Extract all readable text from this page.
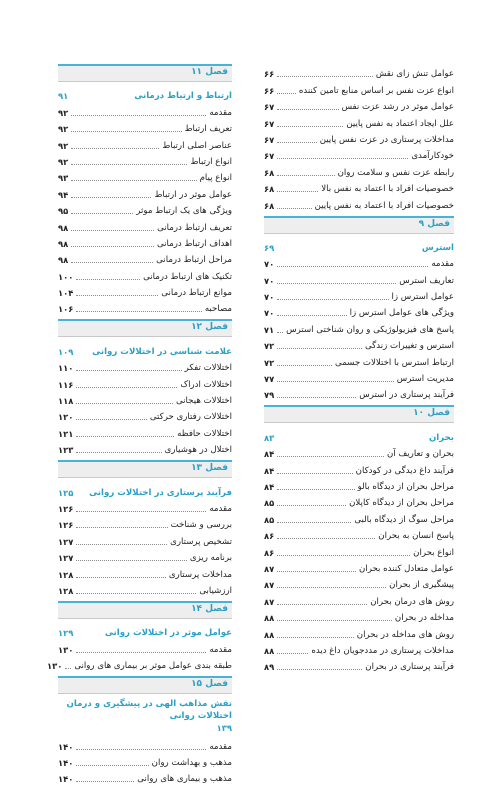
عوامل تنش زای نقش
۶۶
انواع عزت نفس بر اساس منابع تامین کننده
۶۶
عوامل موثر در رشد عزت نفس
۶۷
علل ایجاد اعتماد به نفس پایین
۶۷
مداخلات پرستاری در عزت نفس پایین
۶۷
خودکارآمدی
۶۷
رابطه عزت نفس و سلامت روان
۶۸
خصوصیات افراد با اعتماد به نفس بالا
۶۸
خصوصیات افراد با اعتماد به نفس پایین
۶۸
فصل ۹
استرس
۶۹
مقدمه
۷۰
تعاریف استرس
۷۰
عوامل استرس زا
۷۰
ویژگی های عوامل استرس زا
۷۰
پاسخ های فیزیولوژیکی و روان شناختی استرس
۷۱
استرس و تغییرات زندگی
۷۲
ارتباط استرس با اختلالات جسمی
۷۲
مدیریت استرس
۷۷
فرآیند پرستاری در استرس
۷۹
فصل ۱۰
بحران
۸۳
بحران و تعاریف آن
۸۴
فرآیند داغ دیدگی در کودکان
۸۴
مراحل بحران از دیدگاه بالو
۸۴
مراحل بحران از دیدگاه کاپلان
۸۵
مراحل سوگ از دیدگاه بالبی
۸۵
پاسخ انسان به بحران
۸۶
انواع بحران
۸۶
عوامل متعادل کننده بحران
۸۷
پیشگیری از بحران
۸۷
روش های درمان بحران
۸۷
مداخله در بحران
۸۸
روش های مداخله در بحران
۸۸
مداخلات پرستاری در مددجویان داغ دیده
۸۸
فرآیند پرستاری در بحران
۸۹
فصل ۱۱
ارتباط و ارتباط درمانی
۹۱
مقدمه
۹۲
تعریف ارتباط
۹۲
عناصر اصلی ارتباط
۹۲
انواع ارتباط
۹۲
انواع پیام
۹۳
عوامل موثر در ارتباط
۹۴
ویژگی های یک ارتباط موثر
۹۵
تعریف ارتباط درمانی
۹۸
اهداف ارتباط درمانی
۹۸
مراحل ارتباط درمانی
۹۸
تکنیک های ارتباط درمانی
۱۰۰
موانع ارتباط درمانی
۱۰۴
مصاحبه
۱۰۶
فصل ۱۲
علامت شناسی در اختلالات روانی
۱۰۹
اختلالات تفکر
۱۱۰
اختلالات ادراک
۱۱۶
اختلالات هیجانی
۱۱۸
اختلالات رفتاری حرکتی
۱۲۰
اختلالات حافظه
۱۲۱
اختلال در هوشیاری
۱۲۳
فصل ۱۳
فرآیند پرستاری در اختلالات روانی
۱۲۵
مقدمه
۱۲۶
بررسی و شناخت
۱۲۶
تشخیص پرستاری
۱۲۷
برنامه ریزی
۱۲۷
مداخلات پرستاری
۱۲۸
ارزشیابی
۱۲۸
فصل ۱۴
عوامل موثر در اختلالات روانی
۱۲۹
مقدمه
۱۳۰
طبقه بندی عوامل موثر بر بیماری های روانی
۱۳۰
فصل ۱۵
نقش مذاهب الهی در پیشگیری و درمان اختلالات روانی
۱۳۹
مقدمه
۱۴۰
مذهب و بهداشت روان
۱۴۰
مذهب و بیماری های روانی
۱۴۰
